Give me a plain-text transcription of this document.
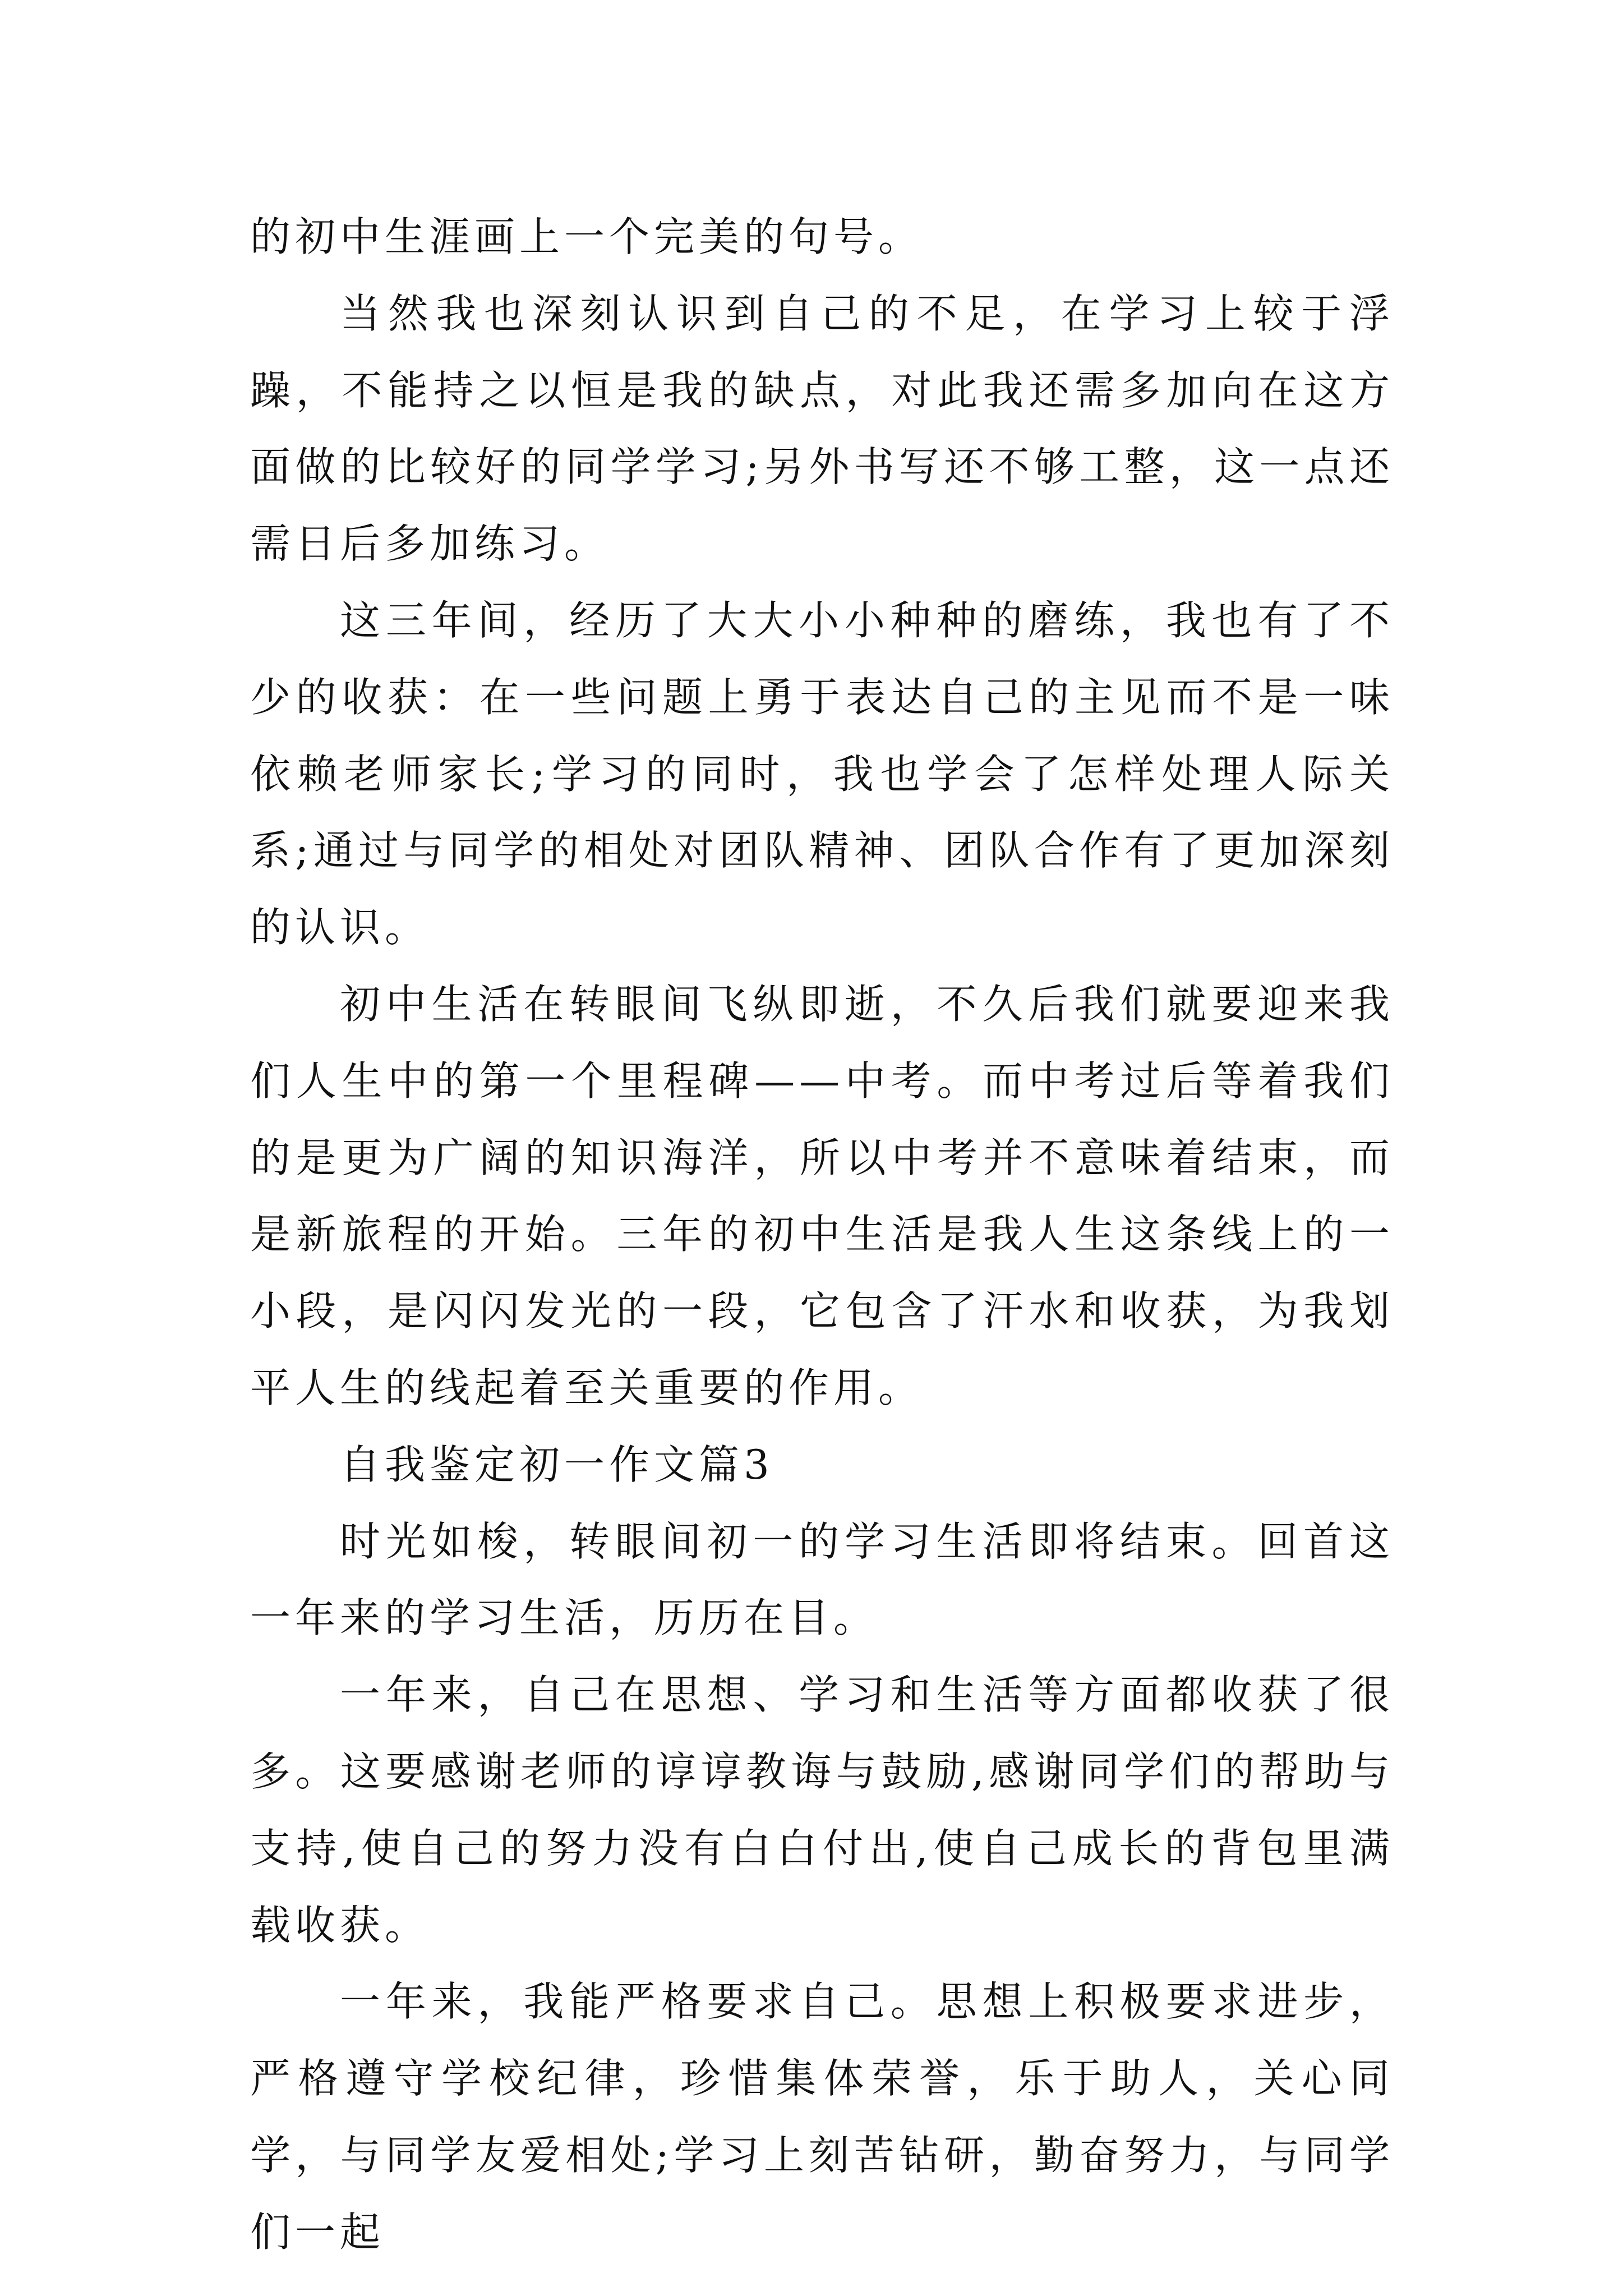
的初中生涯画上一个完美的句号。

当然我也深刻认识到自己的不足，在学习上较于浮躁，不能持之以恒是我的缺点，对此我还需多加向在这方面做的比较好的同学学习;另外书写还不够工整，这一点还需日后多加练习。

这三年间，经历了大大小小种种的磨练，我也有了不少的收获：在一些问题上勇于表达自己的主见而不是一味依赖老师家长;学习的同时，我也学会了怎样处理人际关系;通过与同学的相处对团队精神、团队合作有了更加深刻的认识。

初中生活在转眼间飞纵即逝，不久后我们就要迎来我们人生中的第一个里程碑——中考。而中考过后等着我们的是更为广阔的知识海洋，所以中考并不意味着结束，而是新旅程的开始。三年的初中生活是我人生这条线上的一小段，是闪闪发光的一段，它包含了汗水和收获，为我划平人生的线起着至关重要的作用。

自我鉴定初一作文篇3

时光如梭，转眼间初一的学习生活即将结束。回首这一年来的学习生活，历历在目。

一年来，自己在思想、学习和生活等方面都收获了很多。这要感谢老师的谆谆教诲与鼓励,感谢同学们的帮助与支持,使自己的努力没有白白付出,使自己成长的背包里满载收获。

一年来，我能严格要求自己。思想上积极要求进步，严格遵守学校纪律，珍惜集体荣誉，乐于助人，关心同学，与同学友爱相处;学习上刻苦钻研，勤奋努力，与同学们一起
